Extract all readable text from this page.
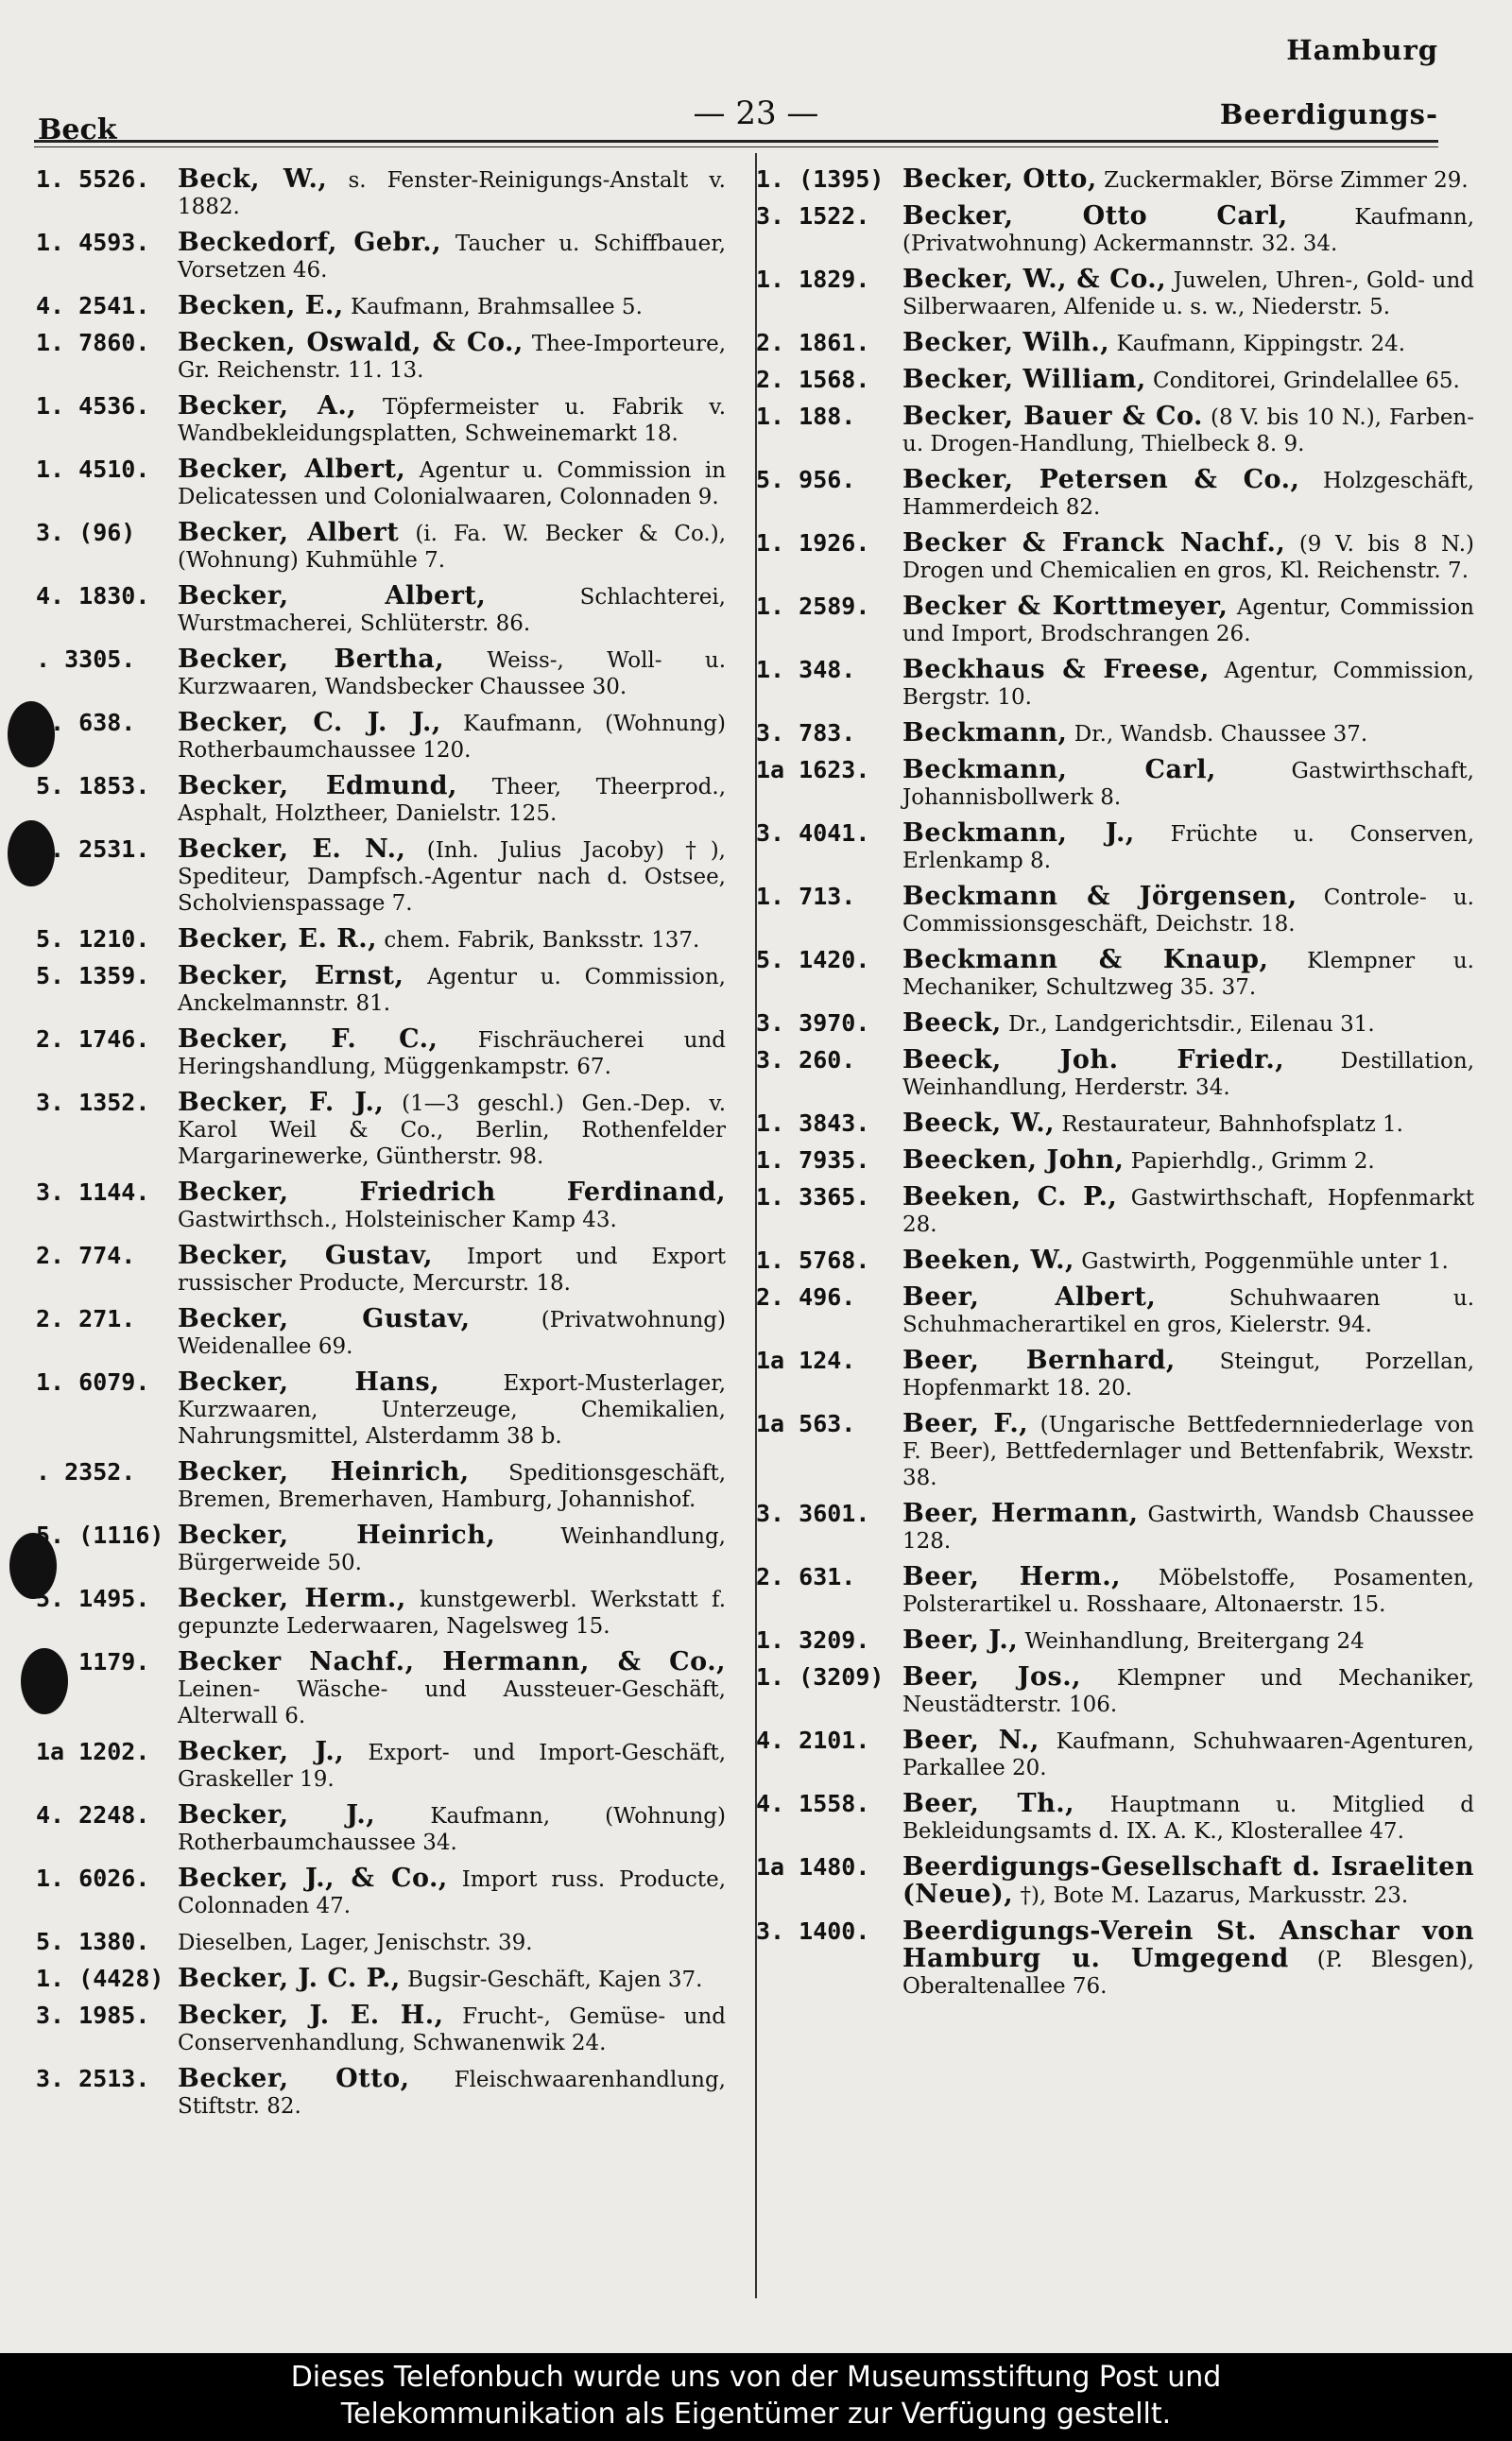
Hamburg
Beck	— 23 —	Beerdigungs-
1. 5526.	Beck, W., s. Fenster-Reinigungs-Anstalt v. 1882.
1. 4593.	Beckedorf, Gebr., Taucher u. Schiffbauer, Vorsetzen 46.
4. 2541.	Becken, E., Kaufmann, Brahmsallee 5.
1. 7860.	Becken, Oswald, & Co., Thee-Importeure, Gr. Reichenstr. 11. 13.
1. 4536.	Becker, A., Töpfermeister u. Fabrik v. Wandbekleidungsplatten, Schweinemarkt 18.
1. 4510.	Becker, Albert, Agentur u. Commission in Delicatessen und Colonialwaaren, Colonnaden 9.
3. (96)	Becker, Albert (i. Fa. W. Becker & Co.), (Wohnung) Kuhmühle 7.
4. 1830.	Becker, Albert,	Schlachterei, Wurstmacherei, Schlüterstr. 86.
. 3305.	Becker, Bertha, Weiss-, Woll- u. Kurzwaaren, Wandsbecker Chaussee 30.
4. 638.	Becker, C. J. J., Kaufmann, (Wohnung) Rotherbaumchaussee 120.
5. 1853.	Becker, Edmund, Theer, Theerprod., Asphalt, Holztheer, Danielstr. 125.
1. 2531.	Becker, E. N., (Inh. Julius Jacoby) †), Spediteur, Dampfsch.-Agentur nach d. Ostsee, Scholvienspassage 7.
5. 1210.	Becker, E. R., chem. Fabrik, Banksstr. 137.
5. 1359.	Becker, Ernst, Agentur u. Commission, Anckelmannstr. 81.
2. 1746.	Becker, F. C., Fischräucherei und Heringshandlung, Müggenkampstr. 67.
3. 1352.	Becker, F. J., (1—3 geschl.) Gen.-Dep. v. Karol Weil & Co., Berlin, Rothenfelder Margarinewerke, Güntherstr. 98.
3. 1144.	Becker, Friedrich Ferdinand, Gastwirthsch., Holsteinischer Kamp 43.
2. 774.	Becker, Gustav, Import und Export russischer Producte, Mercurstr. 18.
2. 271.	Becker, Gustav,	(Privatwohnung) Weidenallee 69.
1. 6079.	Becker, Hans,	Export-Musterlager, Kurzwaaren, Unterzeuge, Chemikalien, Nahrungsmittel, Alsterdamm 38 b.
. 2352.	Becker, Heinrich, Speditionsgeschäft, Bremen, Bremerhaven, Hamburg, Johannishof.
5. (1116) Becker, Heinrich,	Weinhandlung, Bürgerweide 50.
5. 1495.	Becker, Herm., kunstgewerbl. Werkstatt f. gepunzte Lederwaaren, Nagelsweg 15.
1. 1179.	Becker Nachf., Hermann, & Co., Leinen- Wäsche- und Aussteuer-Geschäft, Alterwall 6.
1a 1202.	Becker, J., Export- und Import-Geschäft, Graskeller 19.
4. 2248.	Becker, J.,	Kaufmann, (Wohnung) Rotherbaumchaussee 34.
1. 6026.	Becker, J., & Co., Import russ. Producte, Colonnaden 47.
5. 1380.	Dieselben, Lager, Jenischstr. 39.
1. (4428) Becker, J. C. P., Bugsir-Geschäft, Kajen 37.
3. 1985.	Becker, J. E. H., Frucht-, Gemüse- und Conservenhandlung, Schwanenwik 24.
3. 2513.	Becker, Otto, Fleischwaarenhandlung, Stiftstr. 82.
1. (1395) Becker, Otto, Zuckermakler, Börse Zimmer 29.
3. 1522.	Becker, Otto Carl,	Kaufmann, (Privatwohnung) Ackermannstr. 32. 34.
1. 1829.	Becker, W., & Co., Juwelen, Uhren-, Gold- und Silberwaaren, Alfenide u. s. w., Niederstr. 5.
2. 1861.	Becker, Wilh., Kaufmann, Kippingstr. 24.
2. 1568.	Becker, William, Conditorei, Grindelallee 65.
1. 188.	Becker, Bauer & Co. (8 V. bis 10 N.), Farben- u. Drogen-Handlung, Thielbeck 8. 9.
5. 956.	Becker, Petersen & Co., Holzgeschäft, Hammerdeich 82.
1. 1926.	Becker & Franck Nachf., (9 V. bis 8 N.) Drogen und Chemicalien en gros, Kl. Reichenstr. 7.
1. 2589.	Becker & Korttmeyer, Agentur, Commission und Import, Brodschrangen 26.
1. 348.	Beckhaus & Freese, Agentur, Commission, Bergstr. 10.
3. 783.	Beckmann, Dr., Wandsb. Chaussee 37.
1a 1623.	Beckmann, Carl,	Gastwirthschaft, Johannisbollwerk 8.
3. 4041.	Beckmann, J., Früchte u. Conserven, Erlenkamp 8.
1. 713.	Beckmann & Jörgensen, Controle- u. Commissionsgeschäft, Deichstr. 18.
5. 1420.	Beckmann & Knaup, Klempner u. Mechaniker, Schultzweg 35. 37.
3. 3970.	Beeck, Dr., Landgerichtsdir., Eilenau 31.
3. 260.	Beeck, Joh. Friedr.,	Destillation, Weinhandlung, Herderstr. 34.
1. 3843.	Beeck, W., Restaurateur, Bahnhofsplatz 1.
1. 7935.	Beecken, John, Papierhdlg., Grimm 2.
1. 3365.	Beeken, C. P., Gastwirthschaft, Hopfenmarkt 28.
1. 5768.	Beeken, W., Gastwirth, Poggenmühle unter 1.
2. 496.	Beer, Albert,	Schuhwaaren u. Schuhmacherartikel en gros, Kielerstr. 94.
1a 124.	Beer, Bernhard, Steingut, Porzellan, Hopfenmarkt 18. 20.
1a 563.	Beer, F., (Ungarische Bettfedernniederlage von F. Beer), Bettfedernlager und Bettenfabrik, Wexstr. 38.
3. 3601.	Beer, Hermann, Gastwirth, Wandsb Chaussee 128.
2. 631.	Beer, Herm., Möbelstoffe, Posamenten, Polsterartikel u. Rosshaare, Altonaerstr. 15.
1. 3209.	Beer, J., Weinhandlung, Breitergang 24
1. (3209) Beer, Jos., Klempner und Mechaniker, Neustädterstr. 106.
4. 2101.	Beer, N., Kaufmann, Schuhwaaren-Agenturen, Parkallee 20.
4. 1558.	Beer, Th., Hauptmann u. Mitglied d Bekleidungsamts d. IX. A. K., Klosterallee 47.
1a 1480.	Beerdigungs-Gesellschaft d. Israeliten (Neue), †), Bote M. Lazarus, Markusstr. 23.
3. 1400.	Beerdigungs-Verein St. Anschar von Hamburg u. Umgegend (P. Blesgen), Oberaltenallee 76.
Dieses Telefonbuch wurde uns von der Museumsstiftung Post und
Telekommunikation als Eigentümer zur Verfügung gestellt.
